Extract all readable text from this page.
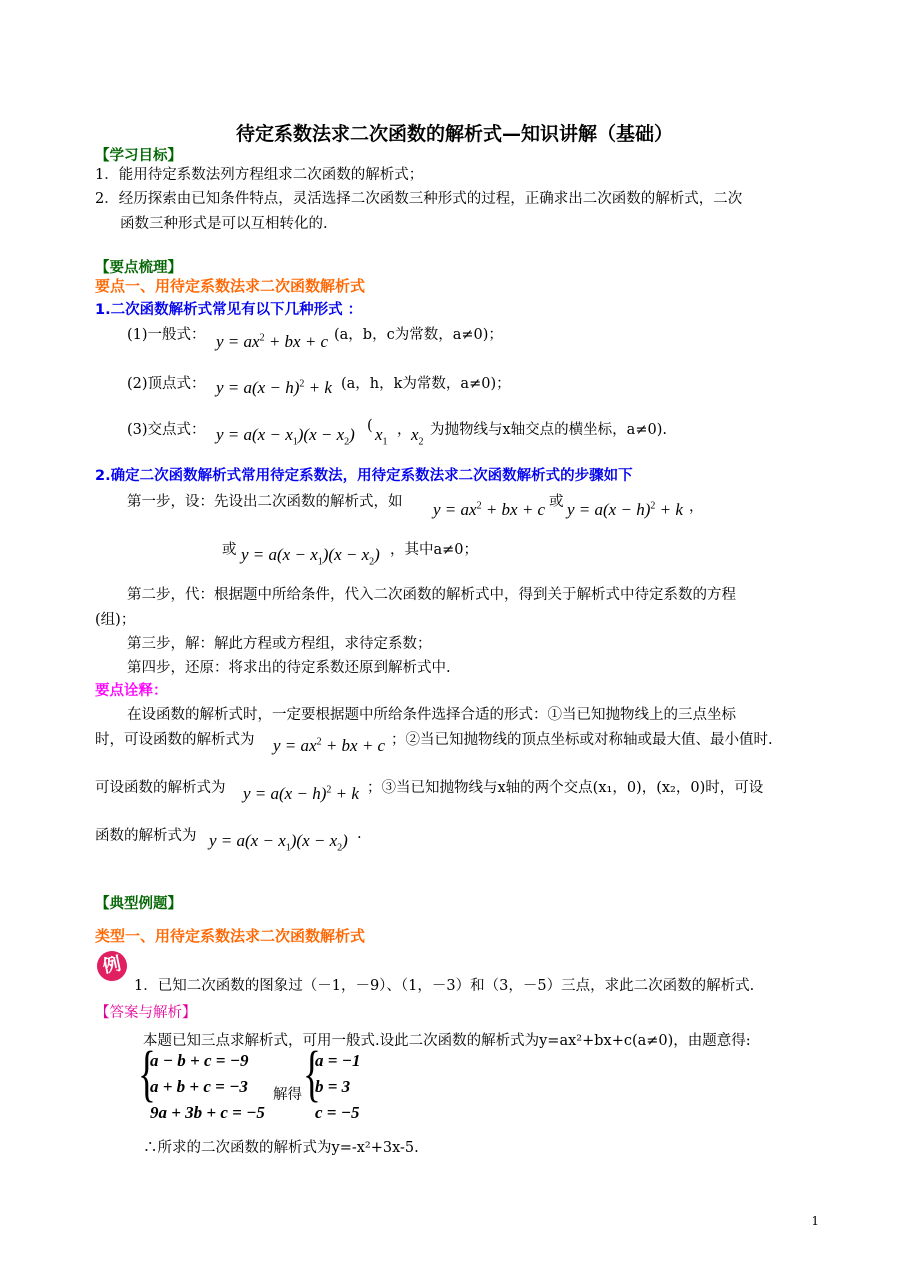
待定系数法求二次函数的解析式—知识讲解（基础）
【学习目标】
1．能用待定系数法列方程组求二次函数的解析式；
2．经历探索由已知条件特点，灵活选择二次函数三种形式的过程，正确求出二次函数的解析式，二次
函数三种形式是可以互相转化的.
【要点梳理】
要点一、用待定系数法求二次函数解析式
1.二次函数解析式常见有以下几种形式 ：
(1)一般式： $y = ax^2$ + bx + c (a，b，c为常数，a≠0)；
(2)顶点式： $y = a(x - h)^2 + k$ (a，h，k为常数，a≠0)；
(3)交点式： $y = a(x - x_1)(x - x_2)$ ( $x_1$
， $x_2$
为抛物线与x轴交点的横坐标，a≠0).
2.确定二次函数解析式常用待定系数法，用待定系数法求二次函数解析式的步骤如下
第一步，设：先设出二次函数的解析式，如 $y = ax^2$ + bx + c 或 $y = a(x - h)^2 + k$ ，
或 $y = a(x - x_1)(x - x_2)$ ，其中a≠0；
第二步，代：根据题中所给条件，代入二次函数的解析式中，得到关于解析式中待定系数的方程
(组)；
第三步，解：解此方程或方程组，求待定系数；
第四步，还原：将求出的待定系数还原到解析式中.
要点诠释：
在设函数的解析式时，一定要根据题中所给条件选择合适的形式：①当已知抛物线上的三点坐标
时，可设函数的解析式为 $y = ax^2$ + bx + c ；②当已知抛物线的顶点坐标或对称轴或最大值、最小值时.
可设函数的解析式为 $y = a(x - h)^2 + k$ ；③当已知抛物线与x轴的两个交点(x₁，0)，(x₂，0)时，可设
函数的解析式为 $y = a(x - x_1)(x - x_2)$ .
【典型例题】
类型一、用待定系数法求二次函数解析式
例
1．已知二次函数的图象过（－1，－9）、（1，－3）和（3，－5）三点，求此二次函数的解析式.
【答案与解析】
本题已知三点求解析式，可用一般式.设此二次函数的解析式为y=ax²+bx+c(a≠0)，由题意得:
{
a − b + c = −9
a + b + c = −3
9a + 3b + c = −5
解得 {
a = −1
b = 3
c = −5
∴所求的二次函数的解析式为y=-x²+3x-5.
1
